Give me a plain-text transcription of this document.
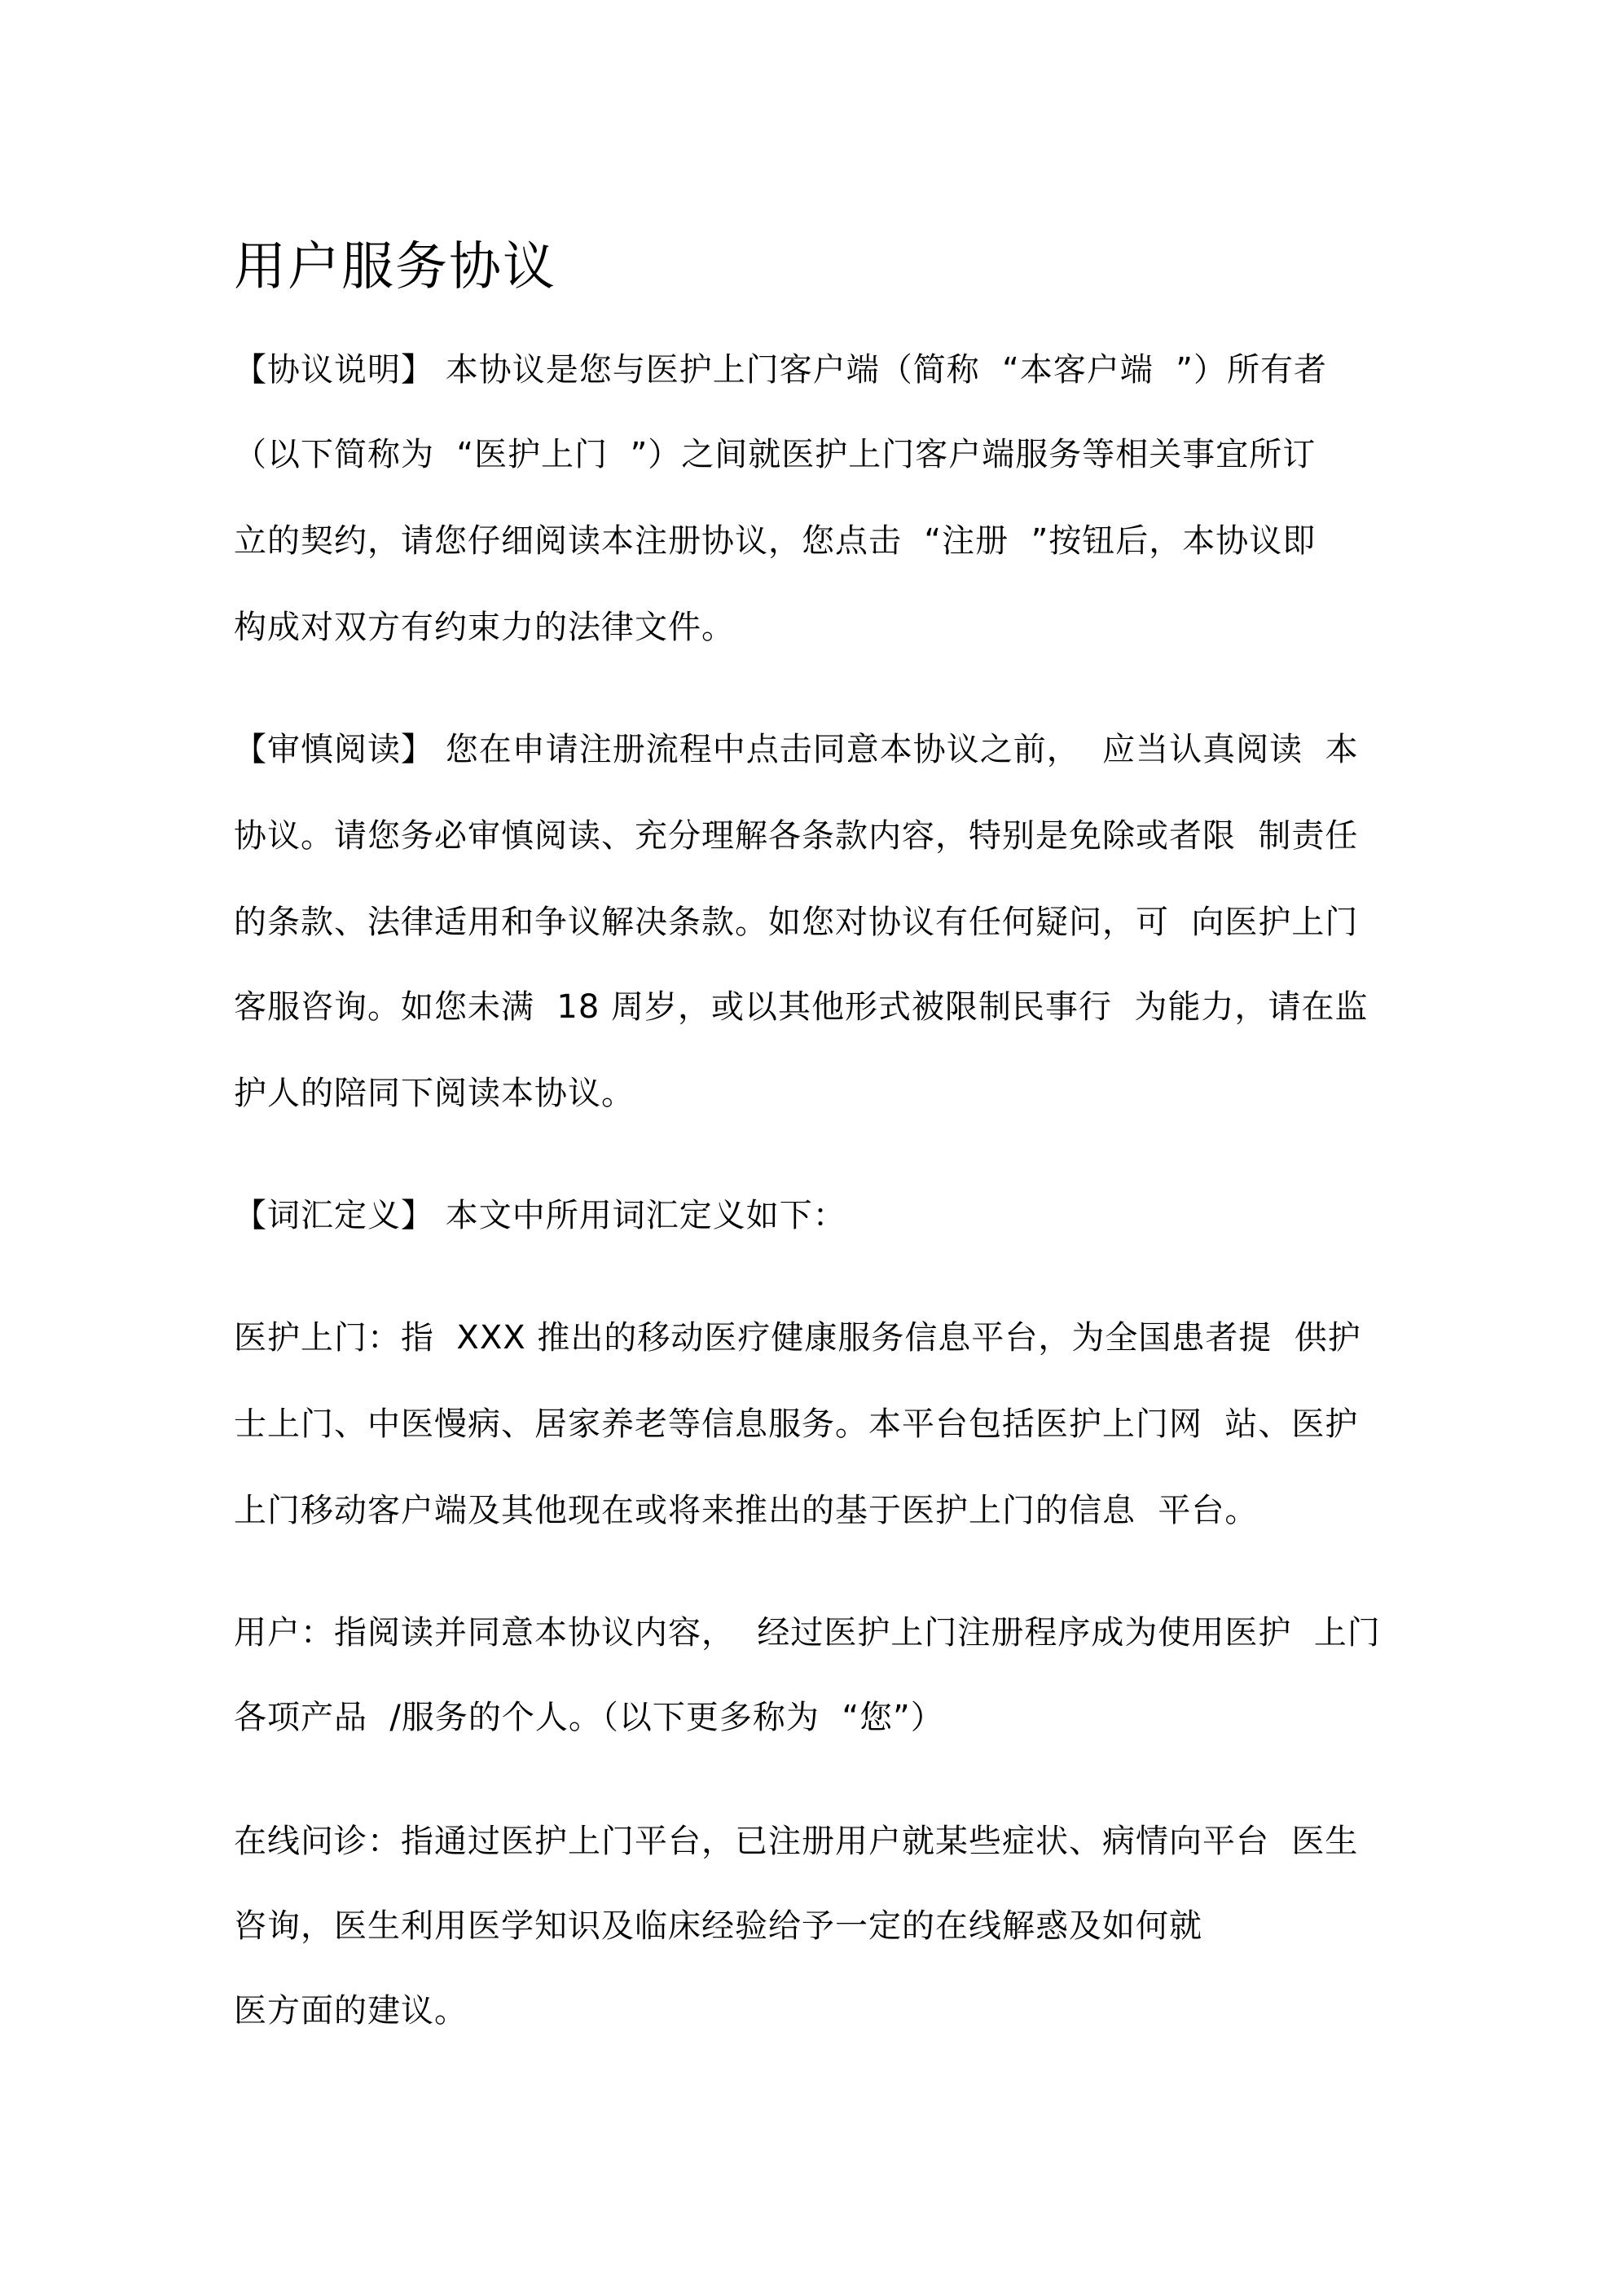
用户服务协议
【协议说明】 本协议是您与医护上门客户端（简称  “本客户端  ”）所有者
（以下简称为  “医护上门  ”）之间就医护上门客户端服务等相关事宜所订
立的契约，请您仔细阅读本注册协议，您点击  “注册  ”按钮后，本协议即
构成对双方有约束力的法律文件。
【审慎阅读】 您在申请注册流程中点击同意本协议之前，  应当认真阅读  本
协议。请您务必审慎阅读、充分理解各条款内容，特别是免除或者限  制责任
的条款、法律适用和争议解决条款。如您对协议有任何疑问，可  向医护上门
客服咨询。如您未满  18 周岁，或以其他形式被限制民事行  为能力，请在监
护人的陪同下阅读本协议。
【词汇定义】 本文中所用词汇定义如下：
医护上门：指  XXX 推出的移动医疗健康服务信息平台，为全国患者提  供护
士上门、中医慢病、居家养老等信息服务。本平台包括医护上门网  站、医护
上门移动客户端及其他现在或将来推出的基于医护上门的信息  平台。
用户：指阅读并同意本协议内容，  经过医护上门注册程序成为使用医护  上门
各项产品  /服务的个人。（以下更多称为  “您”）
在线问诊：指通过医护上门平台，已注册用户就某些症状、病情向平台  医生
咨询，医生利用医学知识及临床经验给予一定的在线解惑及如何就
医方面的建议。
